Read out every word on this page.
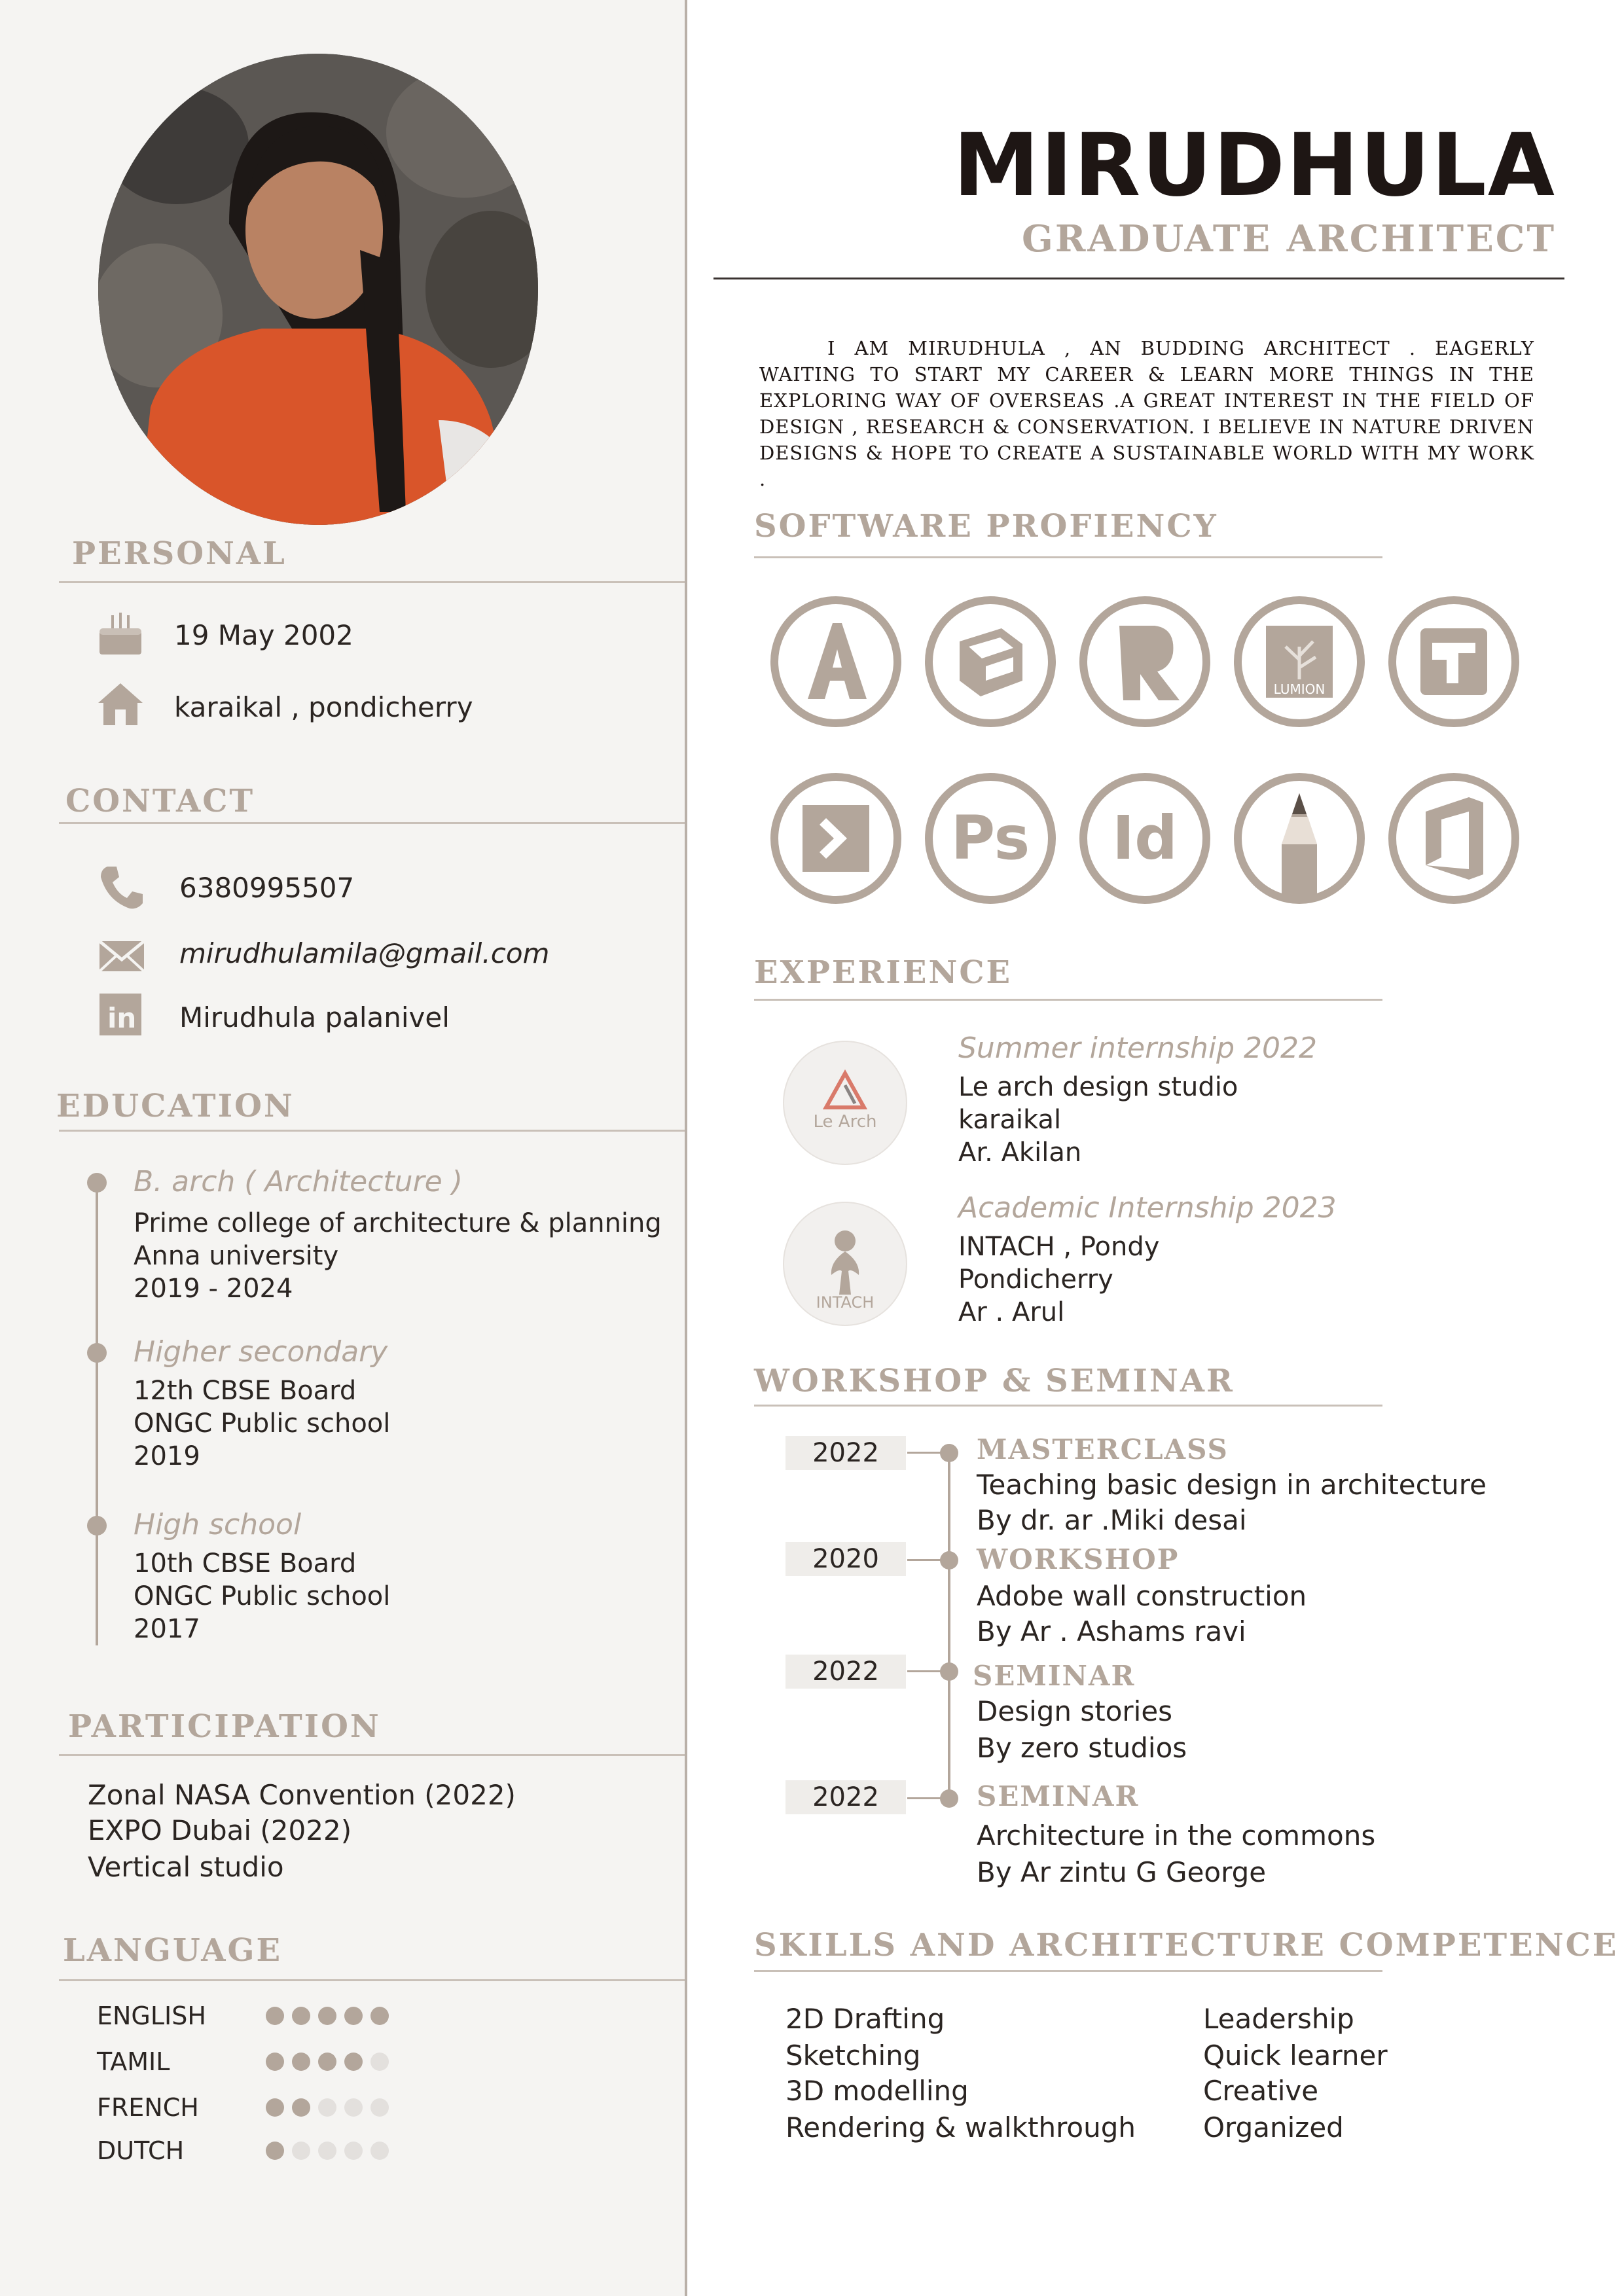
PERSONAL
19 May 2002
karaikal , pondicherry
CONTACT
6380995507
mirudhulamila@gmail.com
in Mirudhula palanivel
EDUCATION
B. arch ( Architecture )
Prime college of architecture & planning
Anna university
2019 - 2024
Higher secondary
12th CBSE Board
ONGC Public school
2019
High school
10th CBSE Board
ONGC Public school
2017
PARTICIPATION
Zonal NASA Convention (2022)
EXPO Dubai (2022)
Vertical studio
LANGUAGE
ENGLISH
TAMIL
FRENCH
DUTCH
MIRUDHULA
GRADUATE ARCHITECT

I AM MIRUDHULA , AN BUDDING ARCHITECT . EAGERLY WAITING TO START MY CAREER & LEARN MORE THINGS IN THE EXPLORING WAY OF OVERSEAS .A GREAT INTEREST IN THE FIELD OF DESIGN , RESEARCH & CONSERVATION. I BELIEVE IN NATURE DRIVEN DESIGNS & HOPE TO CREATE A SUSTAINABLE WORLD WITH MY WORK .

SOFTWARE PROFIENCY
LUMION
Ps Id
EXPERIENCE
Le Arch
Summer internship 2022
Le arch design studio
karaikal
Ar. Akilan
INTACH
Academic Internship 2023
INTACH , Pondy
Pondicherry
Ar . Arul
WORKSHOP & SEMINAR
2022	MASTERCLASS
Teaching basic design in architecture
By dr. ar .Miki desai
2020	WORKSHOP
Adobe wall construction
By Ar . Ashams ravi
2022	SEMINAR
Design stories
By zero studios
2022	SEMINAR
Architecture in the commons
By Ar zintu G George
SKILLS AND ARCHITECTURE COMPETENCE
2D Drafting
Sketching
3D modelling
Rendering & walkthrough
Leadership
Quick learner
Creative
Organized
